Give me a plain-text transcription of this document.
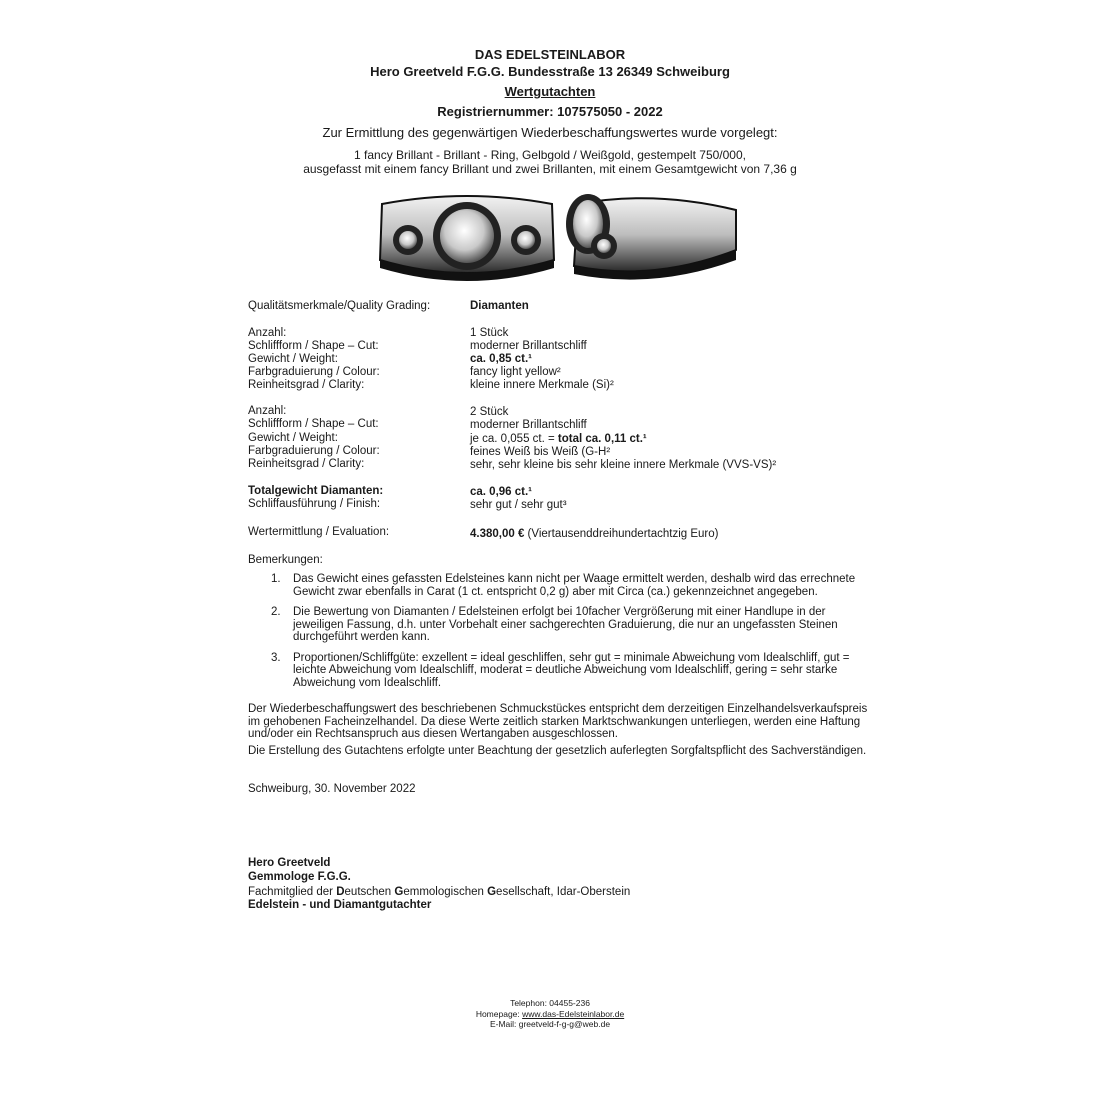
DAS EDELSTEINLABOR
Hero Greetveld F.G.G. Bundesstraße 13 26349 Schweiburg
Wertgutachten
Registriernummer: 107575050 - 2022
Zur Ermittlung des gegenwärtigen Wiederbeschaffungswertes wurde vorgelegt:
1 fancy Brillant - Brillant - Ring, Gelbgold / Weißgold, gestempelt 750/000,
ausgefasst mit einem fancy Brillant und zwei Brillanten, mit einem Gesamtgewicht von 7,36 g
Qualitätsmerkmale/Quality Grading:	Diamanten
Anzahl:	1 Stück
Schliffform / Shape – Cut:	moderner Brillantschliff
Gewicht / Weight:	ca. 0,85 ct.¹
Farbgraduierung / Colour:	fancy light yellow²
Reinheitsgrad / Clarity:	kleine innere Merkmale (Si)²
Anzahl:	2 Stück
Schliffform / Shape – Cut:	moderner Brillantschliff
Gewicht / Weight:	je ca. 0,055 ct. = total ca. 0,11 ct.¹
Farbgraduierung / Colour:	feines Weiß bis Weiß (G-H²
Reinheitsgrad / Clarity:	sehr, sehr kleine bis sehr kleine innere Merkmale (VVS-VS)²
Totalgewicht Diamanten:	ca. 0,96 ct.¹
Schliffausführung / Finish:	sehr gut / sehr gut³
Wertermittlung / Evaluation:	4.380,00 € (Viertausenddreihundertachtzig Euro)
Bemerkungen:
1. Das Gewicht eines gefassten Edelsteines kann nicht per Waage ermittelt werden, deshalb wird das errechnete Gewicht zwar ebenfalls in Carat (1 ct. entspricht 0,2 g) aber mit Circa (ca.) gekennzeichnet angegeben.
2. Die Bewertung von Diamanten / Edelsteinen erfolgt bei 10facher Vergrößerung mit einer Handlupe in der jeweiligen Fassung, d.h. unter Vorbehalt einer sachgerechten Graduierung, die nur an ungefassten Steinen durchgeführt werden kann.
3. Proportionen/Schliffgüte: exzellent = ideal geschliffen, sehr gut = minimale Abweichung vom Idealschliff, gut = leichte Abweichung vom Idealschliff, moderat = deutliche Abweichung vom Idealschliff, gering = sehr starke Abweichung vom Idealschliff.
Der Wiederbeschaffungswert des beschriebenen Schmuckstückes entspricht dem derzeitigen Einzelhandelsverkaufspreis im gehobenen Facheinzelhandel. Da diese Werte zeitlich starken Marktschwankungen unterliegen, werden eine Haftung und/oder ein Rechtsanspruch aus diesen Wertangaben ausgeschlossen.
Die Erstellung des Gutachtens erfolgte unter Beachtung der gesetzlich auferlegten Sorgfaltspflicht des Sachverständigen.
Schweiburg, 30. November 2022
Hero Greetveld
Gemmologe F.G.G.
Fachmitglied der Deutschen Gemmologischen Gesellschaft, Idar-Oberstein
Edelstein - und Diamantgutachter
Telephon: 04455-236
Homepage: www.das-Edelsteinlabor.de
E-Mail: greetveld-f-g-g@web.de
